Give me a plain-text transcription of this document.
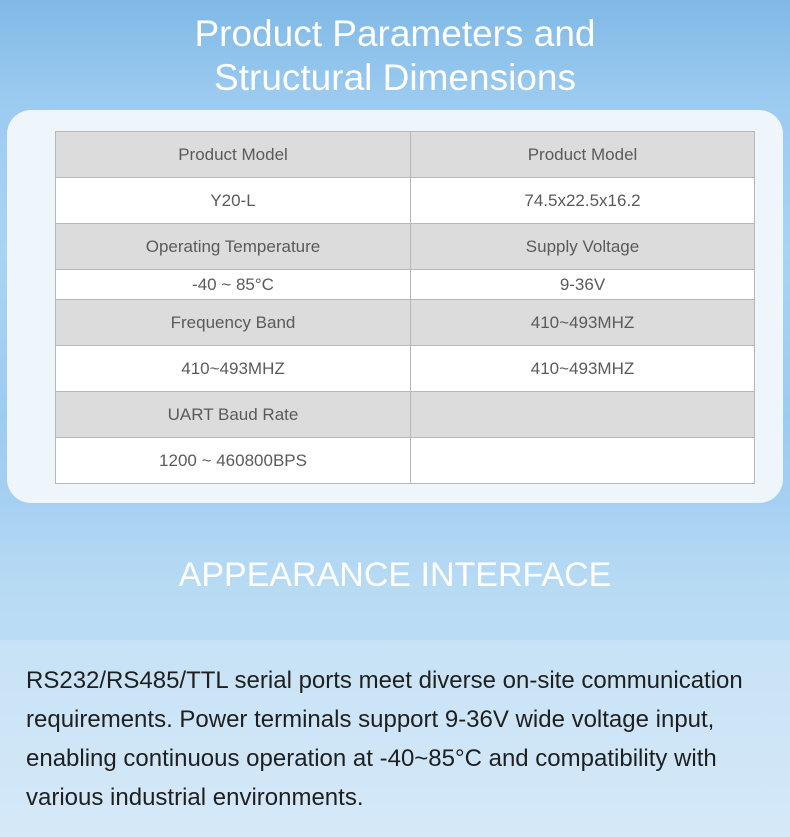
Product Parameters and
Structural Dimensions
Product Model	Product Model
Y20-L	74.5x22.5x16.2
Operating Temperature	Supply Voltage
-40 ~ 85°C	9-36V
Frequency Band	410~493MHZ
410~493MHZ	410~493MHZ
UART Baud Rate	
1200 ~ 460800BPS	
APPEARANCE INTERFACE

RS232/RS485/TTL serial ports meet diverse on-site communication requirements. Power terminals support 9-36V wide voltage input, enabling continuous operation at -40~85°C and compatibility with various industrial environments.
